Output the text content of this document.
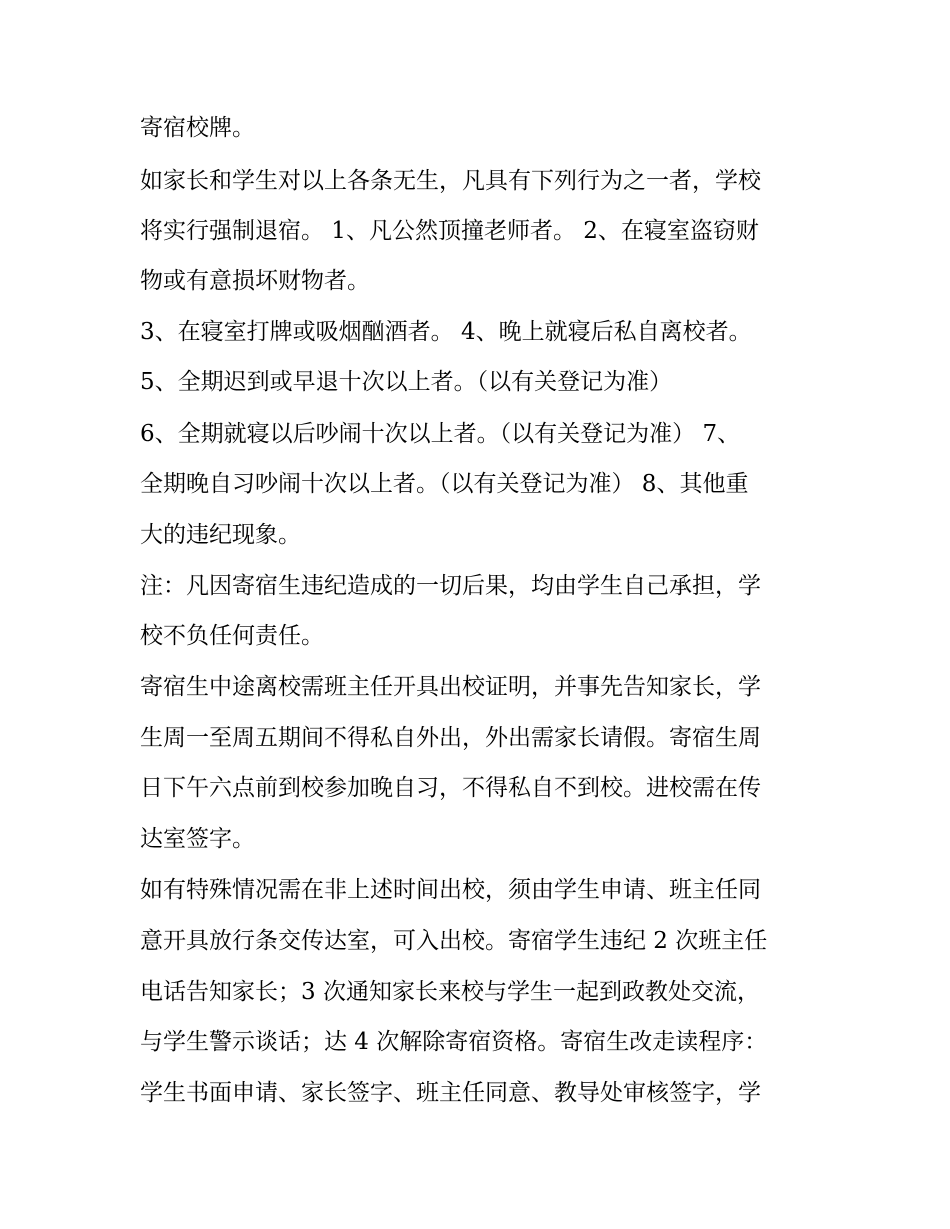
寄宿校牌。
如家长和学生对以上各条无生，凡具有下列行为之一者，学校
将实行强制退宿。 1、凡公然顶撞老师者。 2、在寝室盗窃财
物或有意损坏财物者。
3、在寝室打牌或吸烟酗酒者。 4、晚上就寝后私自离校者。
5、全期迟到或早退十次以上者。（以有关登记为准）
6、全期就寝以后吵闹十次以上者。（以有关登记为准） 7、
全期晚自习吵闹十次以上者。（以有关登记为准） 8、其他重
大的违纪现象。
注：凡因寄宿生违纪造成的一切后果，均由学生自己承担，学
校不负任何责任。
寄宿生中途离校需班主任开具出校证明，并事先告知家长，学
生周一至周五期间不得私自外出，外出需家长请假。寄宿生周
日下午六点前到校参加晚自习，不得私自不到校。进校需在传
达室签字。
如有特殊情况需在非上述时间出校，须由学生申请、班主任同
意开具放行条交传达室，可入出校。寄宿学生违纪 2 次班主任
电话告知家长；3 次通知家长来校与学生一起到政教处交流，
与学生警示谈话；达 4 次解除寄宿资格。寄宿生改走读程序：
学生书面申请、家长签字、班主任同意、教导处审核签字，学
